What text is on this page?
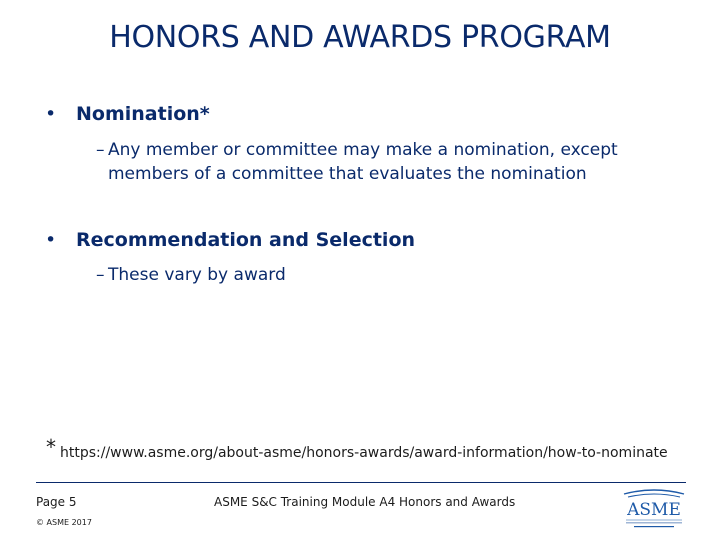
HONORS AND AWARDS PROGRAM
• Nomination*
– Any member or committee may make a nomination, except members of a committee that evaluates the nomination
• Recommendation and Selection
– These vary by award
* https://www.asme.org/about-asme/honors-awards/award-information/how-to-nominate
Page 5
© ASME 2017
ASME S&C Training Module A4 Honors and Awards	ASME
